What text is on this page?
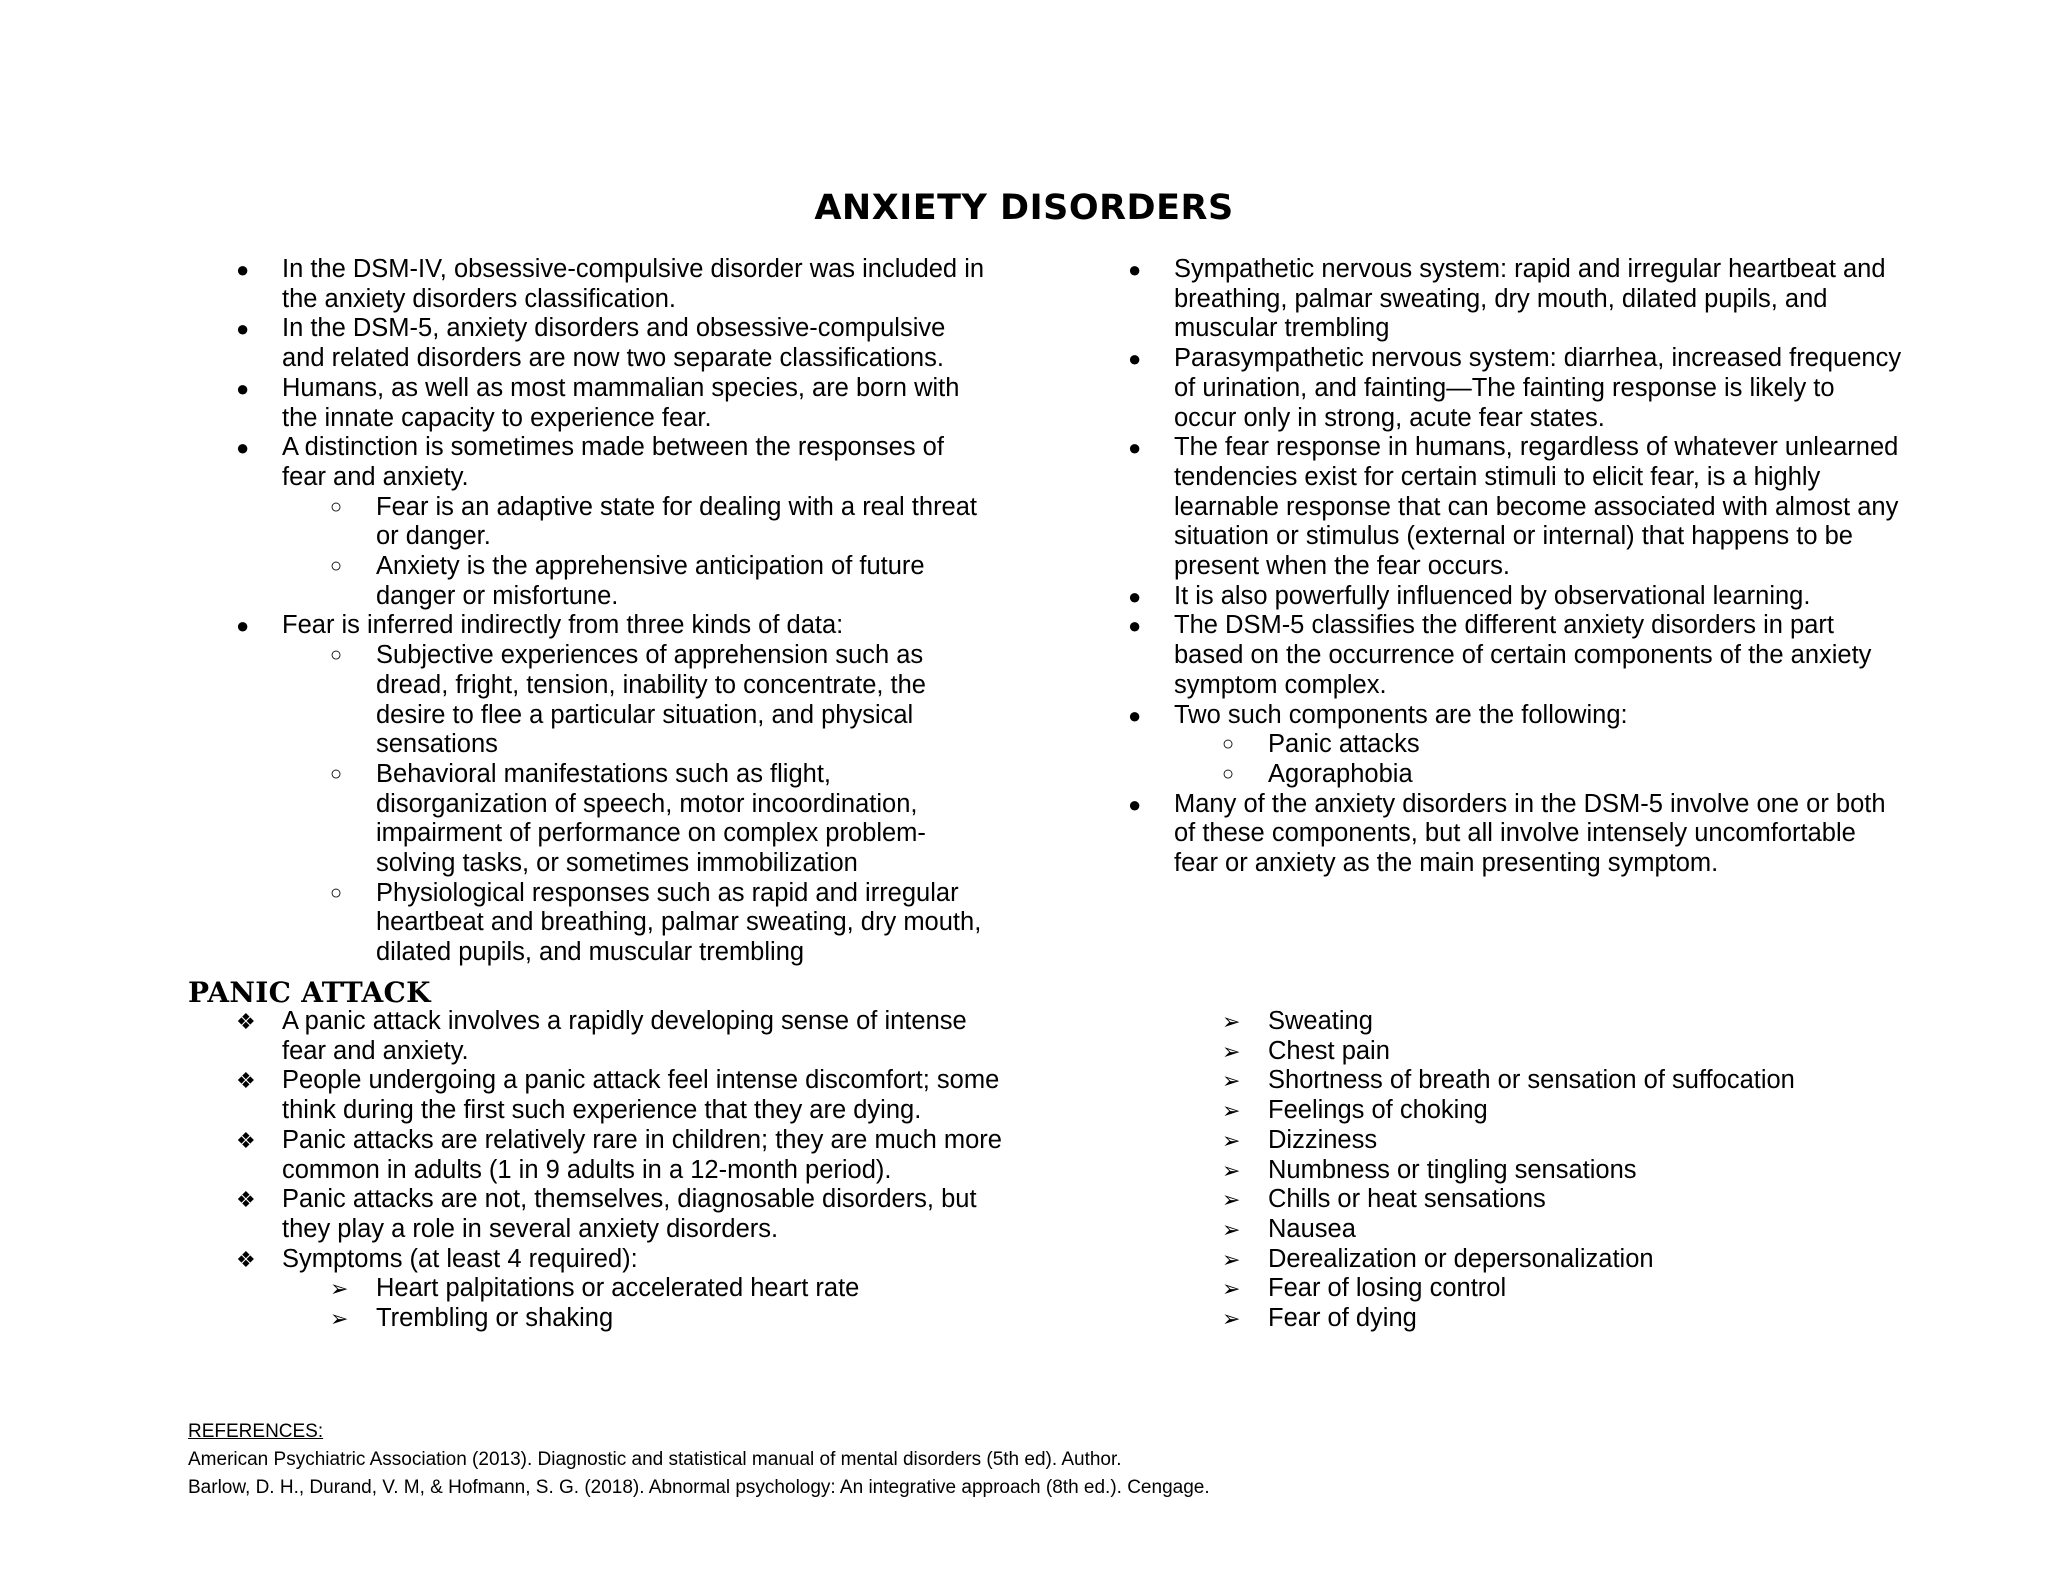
ANXIETY DISORDERS
● In the DSM-IV, obsessive-compulsive disorder was included in the anxiety disorders classification.
● In the DSM-5, anxiety disorders and obsessive-compulsive and related disorders are now two separate classifications.
● Humans, as well as most mammalian species, are born with the innate capacity to experience fear.
● A distinction is sometimes made between the responses of fear and anxiety.
○ Fear is an adaptive state for dealing with a real threat or danger.
○ Anxiety is the apprehensive anticipation of future danger or misfortune.
● Fear is inferred indirectly from three kinds of data:
○ Subjective experiences of apprehension such as dread, fright, tension, inability to concentrate, the desire to flee a particular situation, and physical sensations
○ Behavioral manifestations such as flight, disorganization of speech, motor incoordination, impairment of performance on complex problem-solving tasks, or sometimes immobilization
○ Physiological responses such as rapid and irregular heartbeat and breathing, palmar sweating, dry mouth, dilated pupils, and muscular trembling
● Sympathetic nervous system: rapid and irregular heartbeat and breathing, palmar sweating, dry mouth, dilated pupils, and muscular trembling
● Parasympathetic nervous system: diarrhea, increased frequency of urination, and fainting—The fainting response is likely to occur only in strong, acute fear states.
● The fear response in humans, regardless of whatever unlearned tendencies exist for certain stimuli to elicit fear, is a highly learnable response that can become associated with almost any situation or stimulus (external or internal) that happens to be present when the fear occurs.
● It is also powerfully influenced by observational learning.
● The DSM-5 classifies the different anxiety disorders in part based on the occurrence of certain components of the anxiety symptom complex.
● Two such components are the following:
○ Panic attacks
○ Agoraphobia
● Many of the anxiety disorders in the DSM-5 involve one or both of these components, but all involve intensely uncomfortable fear or anxiety as the main presenting symptom.
PANIC ATTACK
❖ A panic attack involves a rapidly developing sense of intense fear and anxiety.
❖ People undergoing a panic attack feel intense discomfort; some think during the first such experience that they are dying.
❖ Panic attacks are relatively rare in children; they are much more common in adults (1 in 9 adults in a 12-month period).
❖ Panic attacks are not, themselves, diagnosable disorders, but they play a role in several anxiety disorders.
❖ Symptoms (at least 4 required):
➢ Heart palpitations or accelerated heart rate
➢ Trembling or shaking
➢ Sweating
➢ Chest pain
➢ Shortness of breath or sensation of suffocation
➢ Feelings of choking
➢ Dizziness
➢ Numbness or tingling sensations
➢ Chills or heat sensations
➢ Nausea
➢ Derealization or depersonalization
➢ Fear of losing control
➢ Fear of dying
REFERENCES:
American Psychiatric Association (2013). Diagnostic and statistical manual of mental disorders (5th ed). Author.
Barlow, D. H., Durand, V. M, & Hofmann, S. G. (2018). Abnormal psychology: An integrative approach (8th ed.). Cengage.
